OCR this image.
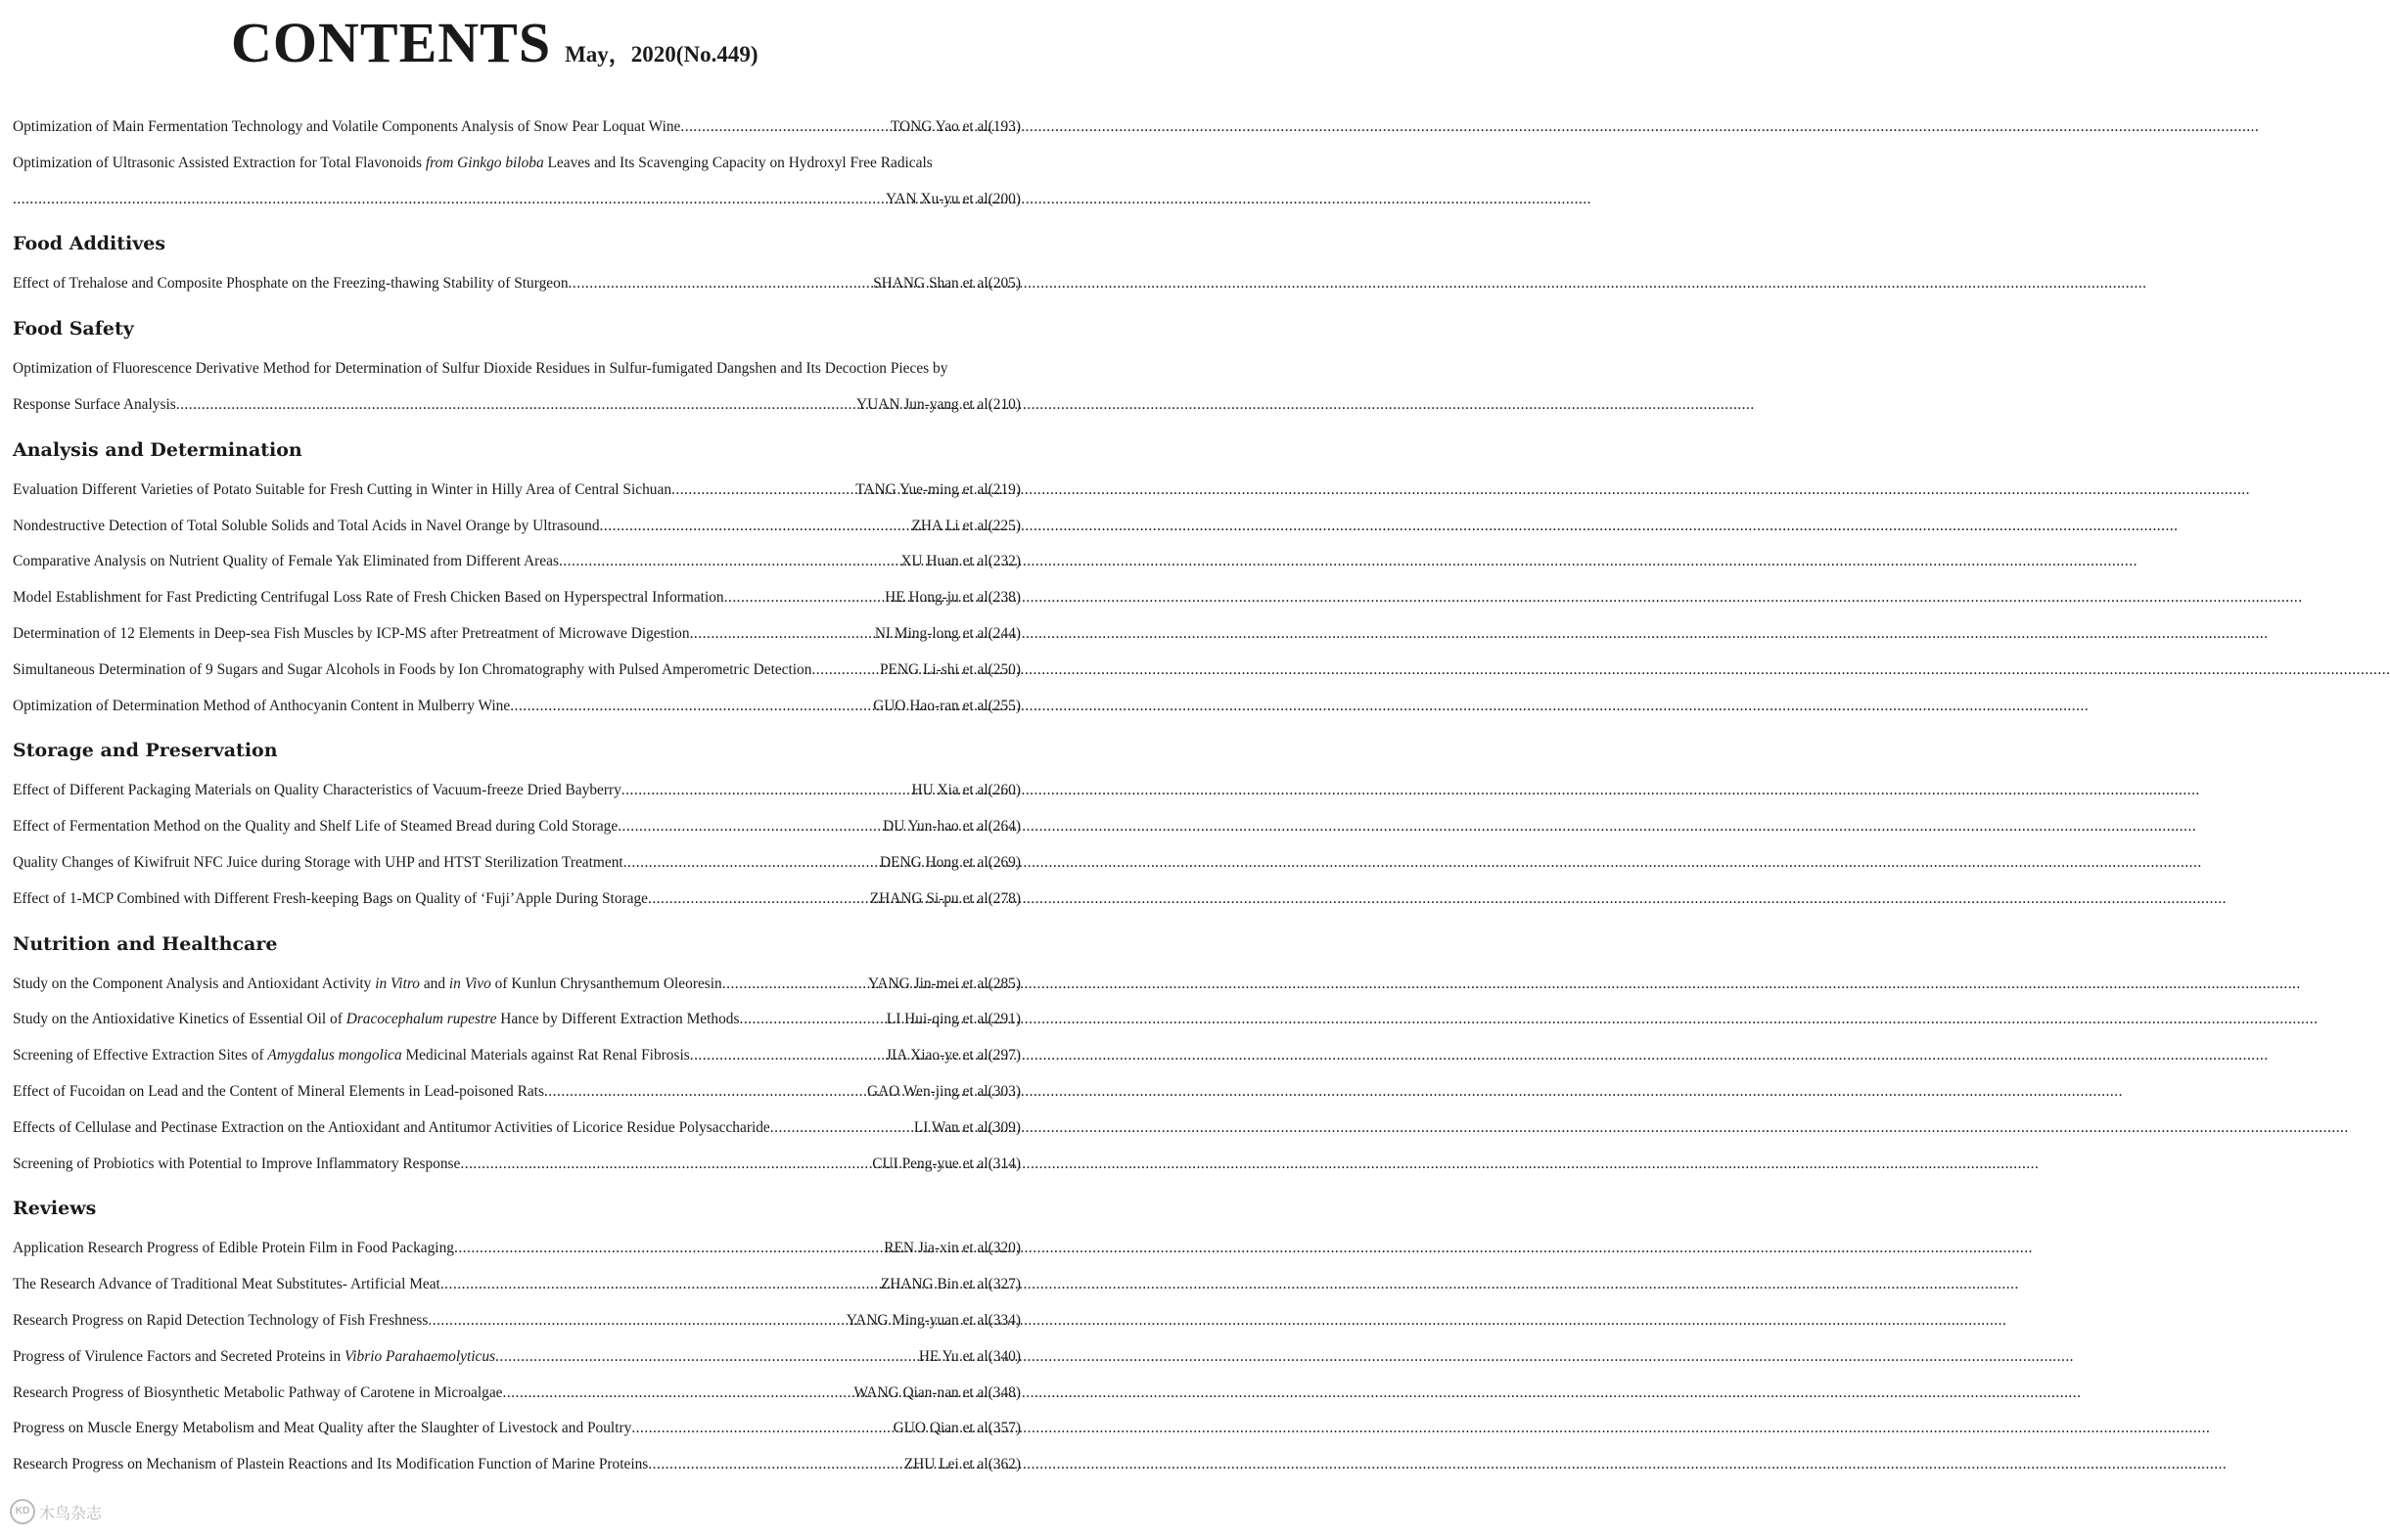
CONTENTS May，2020(No.449)
Optimization of Main Fermentation Technology and Volatile Components Analysis of Snow Pear Loquat Wine .....	TONG Yao et al(193)
Optimization of Ultrasonic Assisted Extraction for Total Flavonoids from Ginkgo biloba Leaves and Its Scavenging Capacity on Hydroxyl Free Radicals
.....
YAN Xu-yu et al(200)
Food Additives
Effect of Trehalose and Composite Phosphate on the Freezing-thawing Stability of Sturgeon .....	SHANG Shan et al(205)
Food Safety
Optimization of Fluorescence Derivative Method for Determination of Sulfur Dioxide Residues in Sulfur-fumigated Dangshen and Its Decoction Pieces by
Response Surface Analysis .....	YUAN Jun-yang et al(210)
Analysis and Determination
Evaluation Different Varieties of Potato Suitable for Fresh Cutting in Winter in Hilly Area of Central Sichuan .....	TANG Yue-ming et al(219)
Nondestructive Detection of Total Soluble Solids and Total Acids in Navel Orange by Ultrasound .....	ZHA Li et al(225)
Comparative Analysis on Nutrient Quality of Female Yak Eliminated from Different Areas .....	XU Huan et al(232)
Model Establishment for Fast Predicting Centrifugal Loss Rate of Fresh Chicken Based on Hyperspectral Information .....	HE Hong-ju et al(238)
Determination of 12 Elements in Deep-sea Fish Muscles by ICP-MS after Pretreatment of Microwave Digestion .....	NI Ming-long et al(244)
Simultaneous Determination of 9 Sugars and Sugar Alcohols in Foods by Ion Chromatography with Pulsed Amperometric Detection .....	PENG Li-shi et al(250)
Optimization of Determination Method of Anthocyanin Content in Mulberry Wine .....	GUO Hao-ran et al(255)
Storage and Preservation
Effect of Different Packaging Materials on Quality Characteristics of Vacuum-freeze Dried Bayberry .....	HU Xia et al(260)
Effect of Fermentation Method on the Quality and Shelf Life of Steamed Bread during Cold Storage .....	DU Yun-hao et al(264)
Quality Changes of Kiwifruit NFC Juice during Storage with UHP and HTST Sterilization Treatment .....	DENG Hong et al(269)
Effect of 1-MCP Combined with Different Fresh-keeping Bags on Quality of ‘Fuji’Apple During Storage .....	ZHANG Si-pu et al(278)
Nutrition and Healthcare
Study on the Component Analysis and Antioxidant Activity in Vitro and in Vivo of Kunlun Chrysanthemum Oleoresin .....	YANG Jin-mei et al(285)
Study on the Antioxidative Kinetics of Essential Oil of Dracocephalum rupestre Hance by Different Extraction Methods .....	LI Hui-qing et al(291)
Screening of Effective Extraction Sites of Amygdalus mongolica Medicinal Materials against Rat Renal Fibrosis .....	JIA Xiao-ye et al(297)
Effect of Fucoidan on Lead and the Content of Mineral Elements in Lead-poisoned Rats .....	GAO Wen-jing et al(303)
Effects of Cellulase and Pectinase Extraction on the Antioxidant and Antitumor Activities of Licorice Residue Polysaccharide .....	LI Wan et al(309)
Screening of Probiotics with Potential to Improve Inflammatory Response .....	CUI Peng-yue et al(314)
Reviews
Application Research Progress of Edible Protein Film in Food Packaging .....	REN Jia-xin et al(320)
The Research Advance of Traditional Meat Substitutes- Artificial Meat .....	ZHANG Bin et al(327)
Research Progress on Rapid Detection Technology of Fish Freshness .....	YANG Ming-yuan et al(334)
Progress of Virulence Factors and Secreted Proteins in Vibrio Parahaemolyticus .....	HE Yu et al(340)
Research Progress of Biosynthetic Metabolic Pathway of Carotene in Microalgae .....	WANG Qian-nan et al(348)
Progress on Muscle Energy Metabolism and Meat Quality after the Slaughter of Livestock and Poultry .....	GUO Qian et al(357)
Research Progress on Mechanism of Plastein Reactions and Its Modification Function of Marine Proteins .....	ZHU Lei et al(362)
KD 木鸟杂志
